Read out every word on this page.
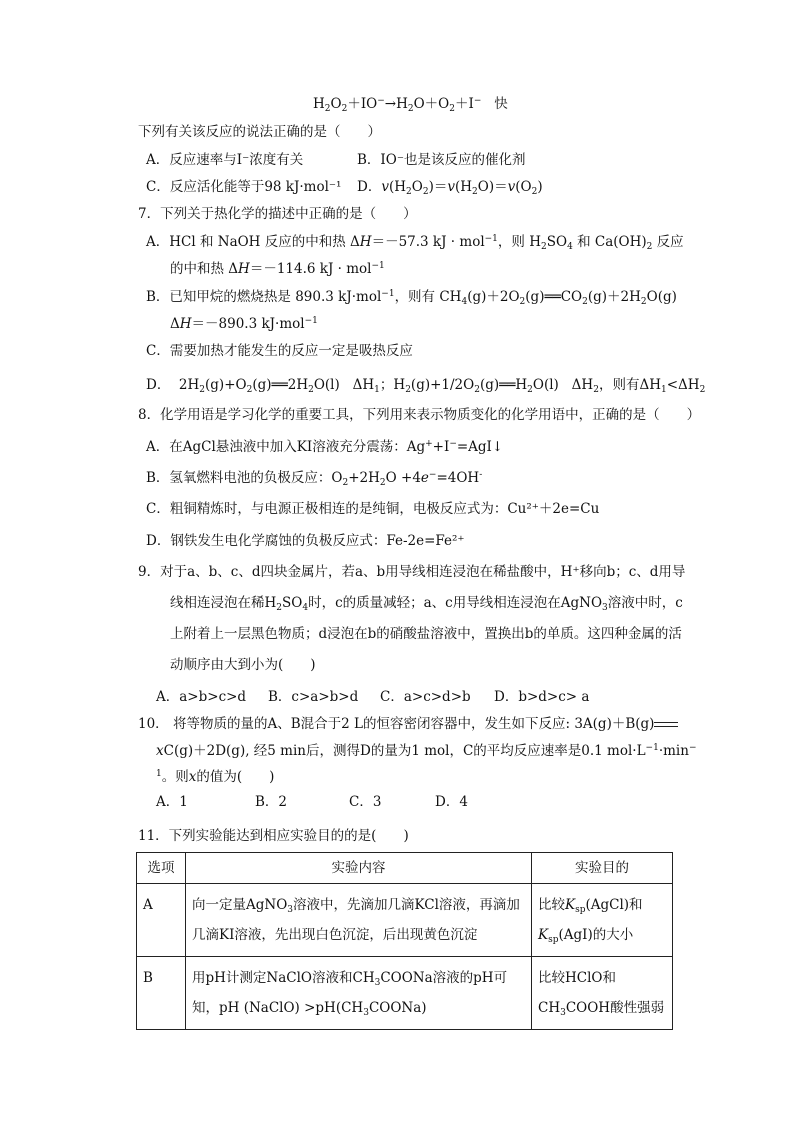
$H_2O_2+IO^-\to H_2O+O_2+I^-$ 快
下列有关该反应的说法正确的是（　　）
A．反应速率与I⁻浓度有关	B．IO⁻也是该反应的催化剂
C．反应活化能等于98 kJ·mol⁻¹ D．$v(H_2O_2)=v(H_2O)=v(O_2)$
7．下列关于热化学的描述中正确的是（　　）
A．HCl 和 NaOH 反应的中和热 ΔH＝－57.3 kJ · mol$^{-1}$，则 $H_2SO_4$ 和 $Ca(OH)_2$ 反应
的中和热 ΔH＝－114.6 kJ · mol$^{-1}$
B．已知甲烷的燃烧热是 890.3 kJ·mol$^{-1}$，则有 $CH_4(g)+2O_2(g)══CO_2(g)+2H_2O(g)$
ΔH＝－890.3 kJ·mol$^{-1}$
C．需要加热才能发生的反应一定是吸热反应
D．  $2H_2(g)+O_2(g)══2H_2O(l)$   $\Delta H_1$；$H_2(g)+1/2O_2(g)══H_2O(l)$   $\Delta H_2$，则有$\Delta H_1<\Delta H_2$
8．化学用语是学习化学的重要工具，下列用来表示物质变化的化学用语中，正确的是（　　）
A．在AgCl悬浊液中加入KI溶液充分震荡：Ag++I−=AgI↓
B．氢氧燃料电池的负极反应：$O_2+2H_2O +4e^-=4OH^-$
C．粗铜精炼时，与电源正极相连的是纯铜，电极反应式为：Cu²⁺＋2e=Cu
D．钢铁发生电化学腐蚀的负极反应式：Fe-2e=Fe²⁺
9．对于a、b、c、d四块金属片，若a、b用导线相连浸泡在稀盐酸中，H⁺移向b；c、d用导
线相连浸泡在稀$H_2SO_4$时，c的质量减轻；a、c用导线相连浸泡在AgNO$_3$溶液中时，c
上附着上一层黑色物质；d浸泡在b的硝酸盐溶液中，置换出b的单质。这四种金属的活
动顺序由大到小为(　　)
A．a>b>c>d B．c>a>b>d C．a>c>d>b D．b>d>c> a
10． 将等物质的量的A、B混合于2 L的恒容密闭容器中，发生如下反应: 3A(g)＋B(g)
xC(g)＋2D(g), 经5 min后，测得D的量为1 mol，C的平均反应速率是0.1 $mol\cdot L^{-1}\cdot\min^-$
$^1$。则x的值为(　　)
A．1	B．2	C．3	D．4
11．下列实验能达到相应实验目的的是(　　)
选项	实验内容	实验目的
A	向一定量AgNO$_3$溶液中，先滴加几滴KCl溶液，再滴加几滴KI溶液，先出现白色沉淀，后出现黄色沉淀	比较$K_{sp}(AgCl)$和
$K_{sp}(AgI)$的大小
B	用pH计测定NaClO溶液和$CH_3COONa$溶液的pH可知，pH (NaClO) $>pH(CH_3COONa)$	比较HClO和
$CH_3COOH$酸性强弱
